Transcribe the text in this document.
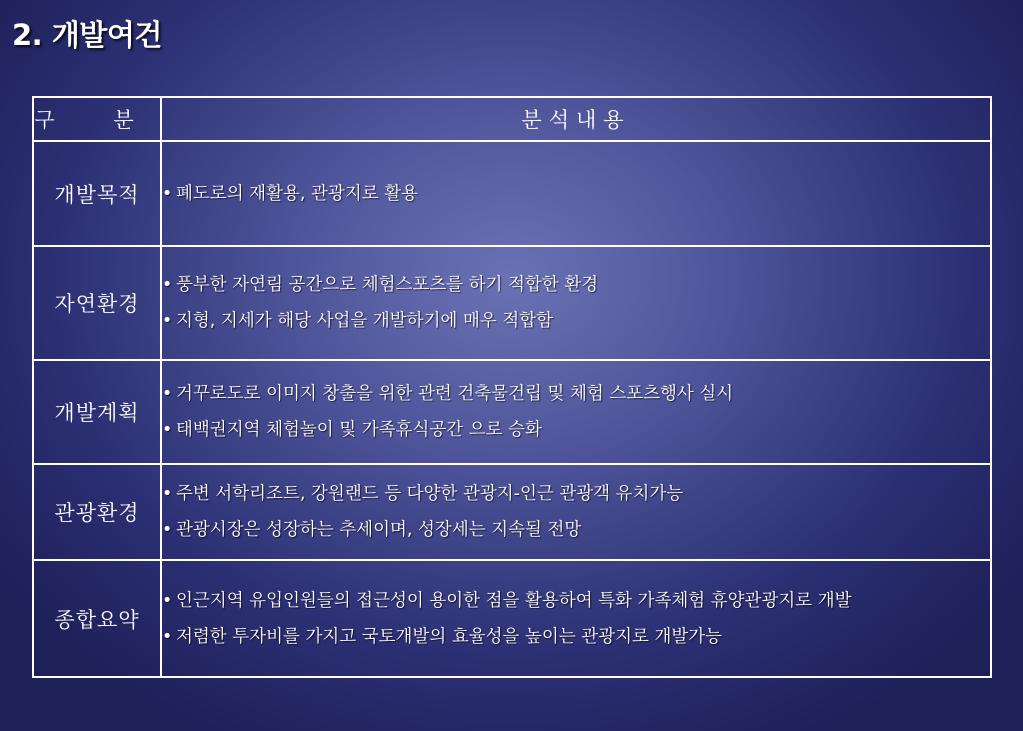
2. 개발여건
구 분	분석내용
개발목적	• 폐도로의 재활용, 관광지로 활용

자연환경	• 풍부한 자연림 공간으로 체험스포츠를 하기 적합한 환경
• 지형, 지세가 해당 사업을 개발하기에 매우 적합함

개발계획	• 거꾸로도로 이미지 창출을 위한 관련 건축물건립 및 체험 스포츠행사 실시
• 태백권지역 체험놀이 및 가족휴식공간 으로 승화

관광환경	• 주변 서학리조트, 강원랜드 등 다양한 관광지-인근 관광객 유치가능
• 관광시장은 성장하는 추세이며, 성장세는 지속될 전망

종합요약	• 인근지역 유입인원들의 접근성이 용이한 점을 활용하여 특화 가족체험 휴양관광지로 개발
• 저렴한 투자비를 가지고 국토개발의 효율성을 높이는 관광지로 개발가능
